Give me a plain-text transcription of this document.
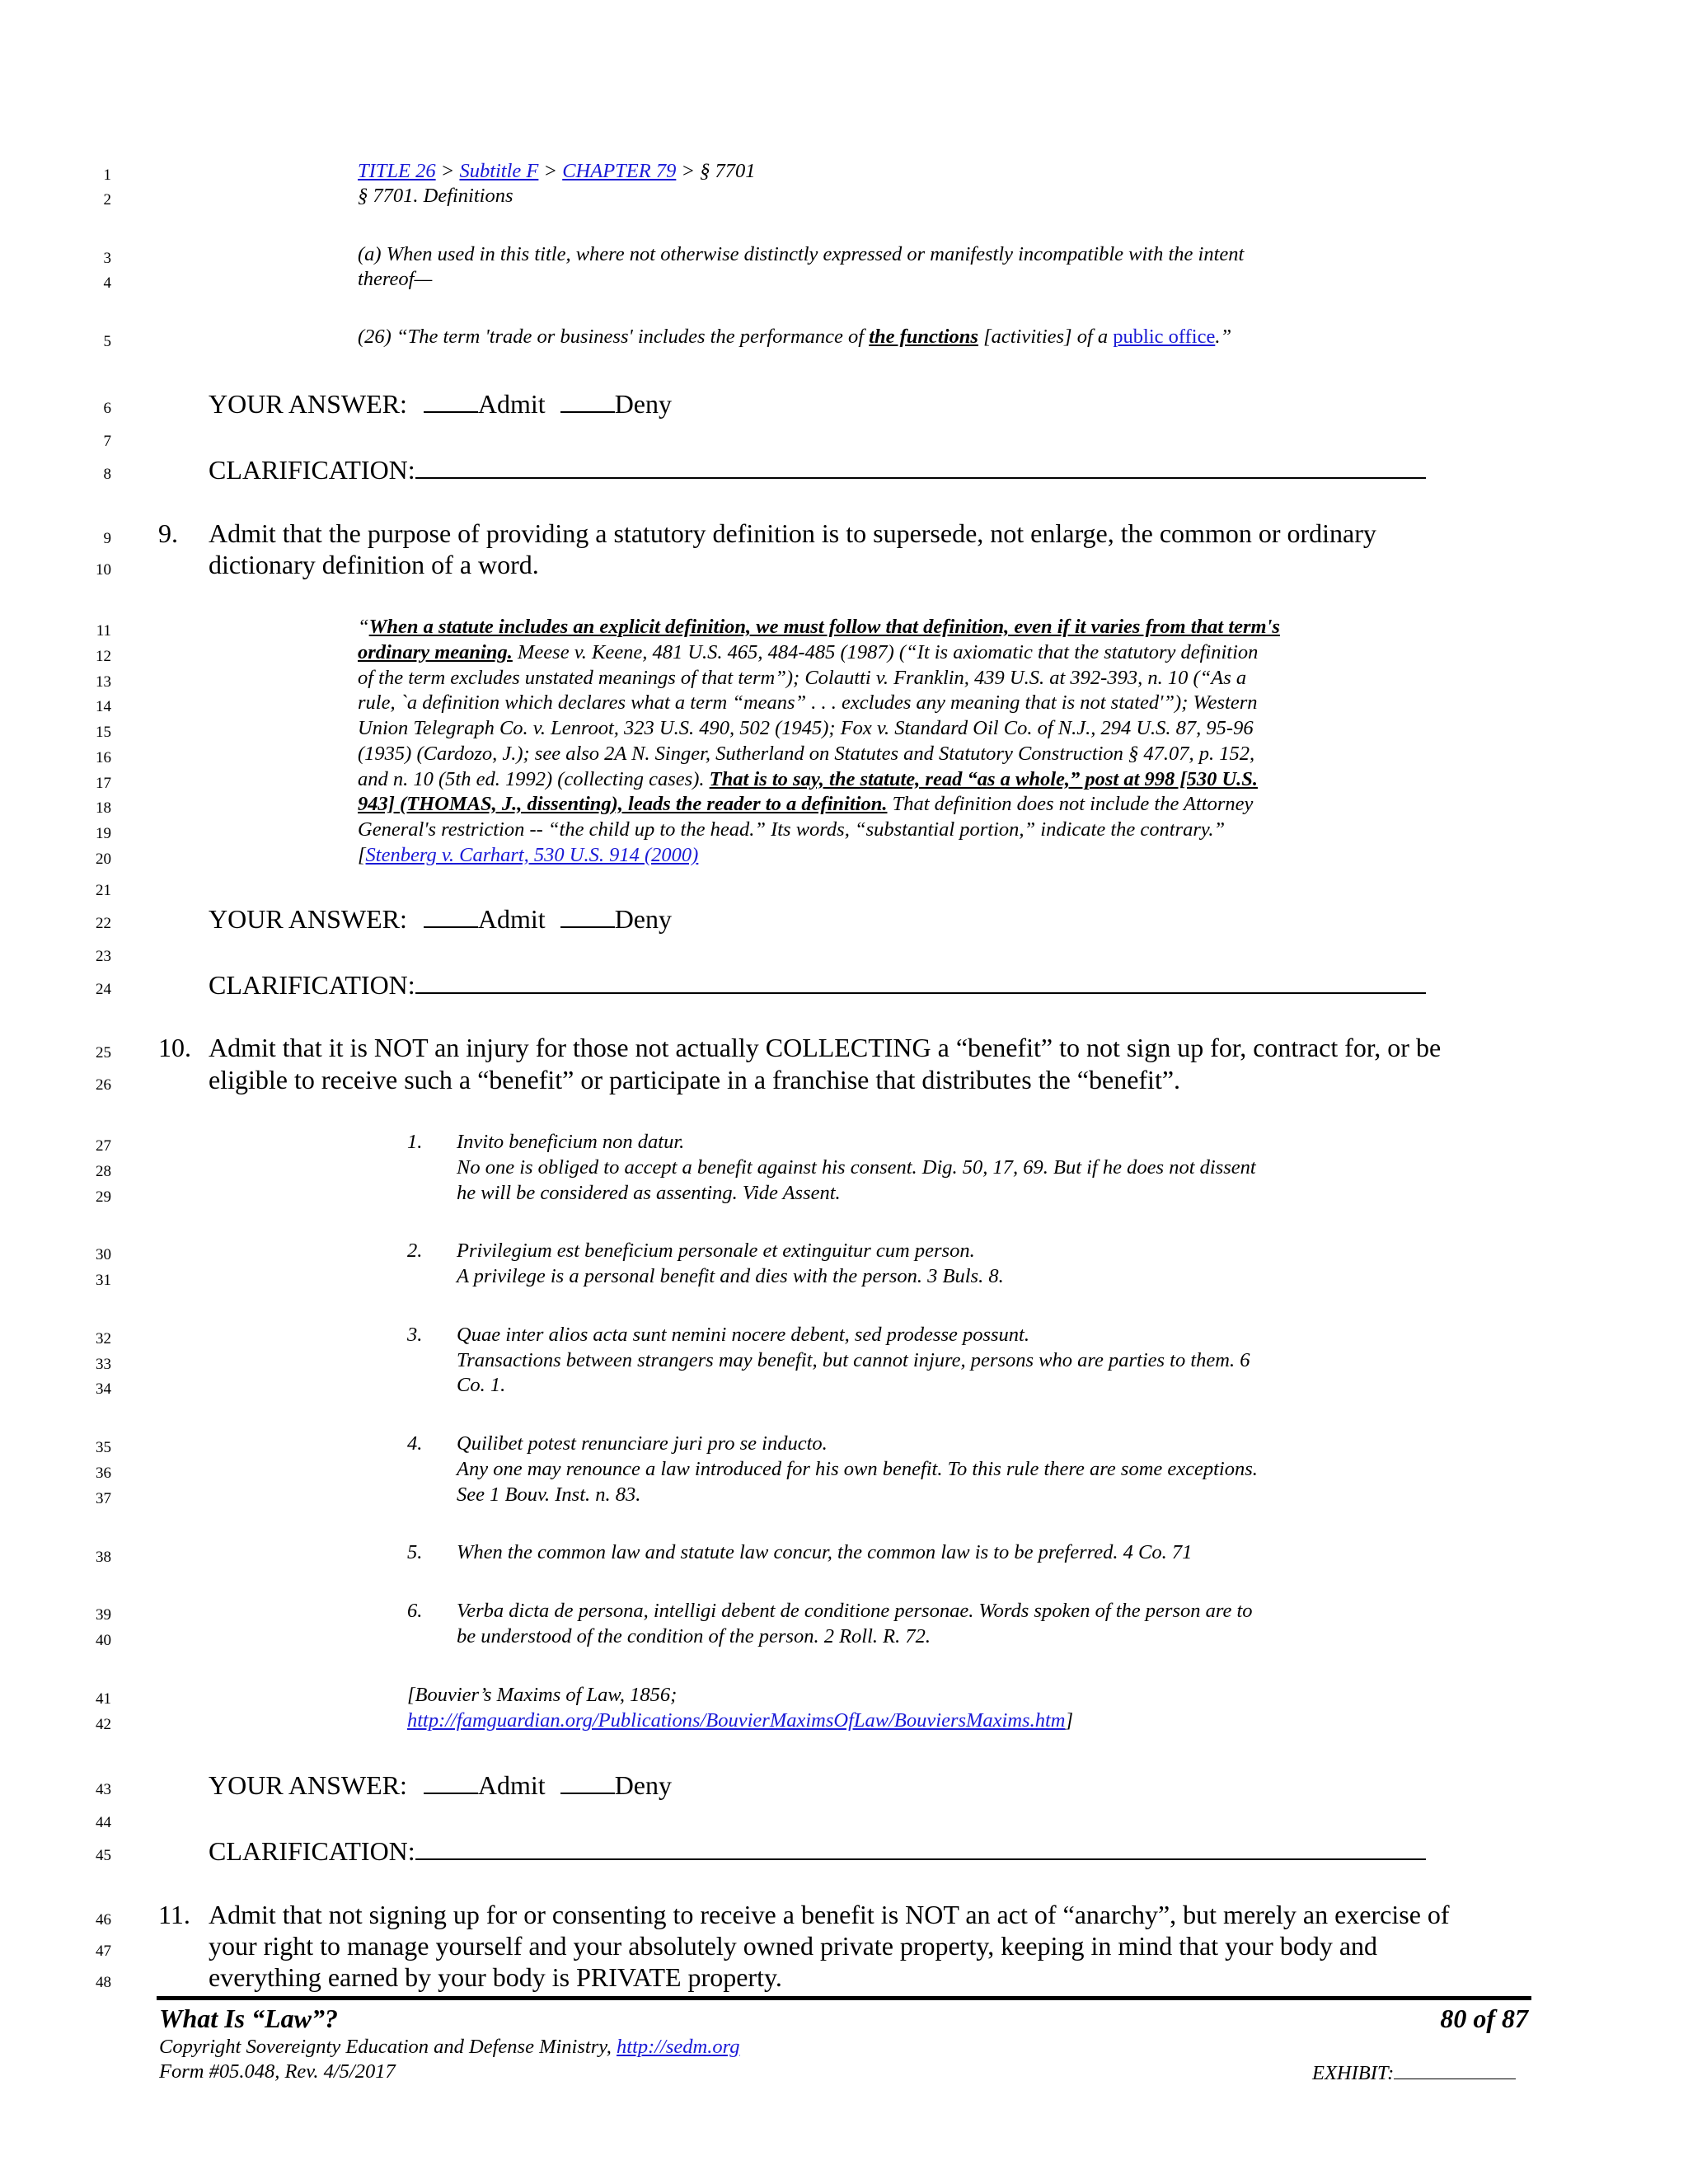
1
2
3
4
5
6
7
8
9
10
11
12
13
14
15
16
17
18
19
20
21
22
23
24
25
26
27
28
29
30
31
32
33
34
35
36
37
38
39
40
41
42
43
44
45
46
47
48
TITLE 26 > Subtitle F > CHAPTER 79 > § 7701
§ 7701. Definitions
(a) When used in this title, where not otherwise distinctly expressed or manifestly incompatible with the intent
thereof—
(26) “The term 'trade or business' includes the performance of the functions [activities] of a public office.”
YOUR ANSWER:	Admit	Deny
CLARIFICATION:
9. Admit that the purpose of providing a statutory definition is to supersede, not enlarge, the common or ordinary
dictionary definition of a word.
“When a statute includes an explicit definition, we must follow that definition, even if it varies from that term's
ordinary meaning. Meese v. Keene, 481 U.S. 465, 484-485 (1987) (“It is axiomatic that the statutory definition
of the term excludes unstated meanings of that term”); Colautti v. Franklin, 439 U.S. at 392-393, n. 10 (“As a
rule, `a definition which declares what a term “means” . . . excludes any meaning that is not stated'”); Western
Union Telegraph Co. v. Lenroot, 323 U.S. 490, 502 (1945); Fox v. Standard Oil Co. of N.J., 294 U.S. 87, 95-96
(1935) (Cardozo, J.); see also 2A N. Singer, Sutherland on Statutes and Statutory Construction § 47.07, p. 152,
and n. 10 (5th ed. 1992) (collecting cases). That is to say, the statute, read “as a whole,” post at 998 [530 U.S.
943] (THOMAS, J., dissenting), leads the reader to a definition. That definition does not include the Attorney
General's restriction -- “the child up to the head.” Its words, “substantial portion,” indicate the contrary.”
[Stenberg v. Carhart, 530 U.S. 914 (2000)
YOUR ANSWER:	Admit	Deny
CLARIFICATION:
10. Admit that it is NOT an injury for those not actually COLLECTING a “benefit” to not sign up for, contract for, or be
eligible to receive such a “benefit” or participate in a franchise that distributes the “benefit”.
1. Invito beneficium non datur.
No one is obliged to accept a benefit against his consent. Dig. 50, 17, 69. But if he does not dissent
he will be considered as assenting. Vide Assent.
2. Privilegium est beneficium personale et extinguitur cum person.
A privilege is a personal benefit and dies with the person. 3 Buls. 8.
3. Quae inter alios acta sunt nemini nocere debent, sed prodesse possunt.
Transactions between strangers may benefit, but cannot injure, persons who are parties to them. 6
Co. 1.
4. Quilibet potest renunciare juri pro se inducto.
Any one may renounce a law introduced for his own benefit. To this rule there are some exceptions.
See 1 Bouv. Inst. n. 83.
5. When the common law and statute law concur, the common law is to be preferred. 4 Co. 71
6. Verba dicta de persona, intelligi debent de conditione personae. Words spoken of the person are to
be understood of the condition of the person. 2 Roll. R. 72.
[Bouvier’s Maxims of Law, 1856;
http://famguardian.org/Publications/BouvierMaximsOfLaw/BouviersMaxims.htm]
YOUR ANSWER:	Admit	Deny
CLARIFICATION:
11. Admit that not signing up for or consenting to receive a benefit is NOT an act of “anarchy”, but merely an exercise of
your right to manage yourself and your absolutely owned private property, keeping in mind that your body and
everything earned by your body is PRIVATE property.
What Is “Law”?	80 of 87
Copyright Sovereignty Education and Defense Ministry, http://sedm.org
Form #05.048, Rev. 4/5/2017	EXHIBIT:
